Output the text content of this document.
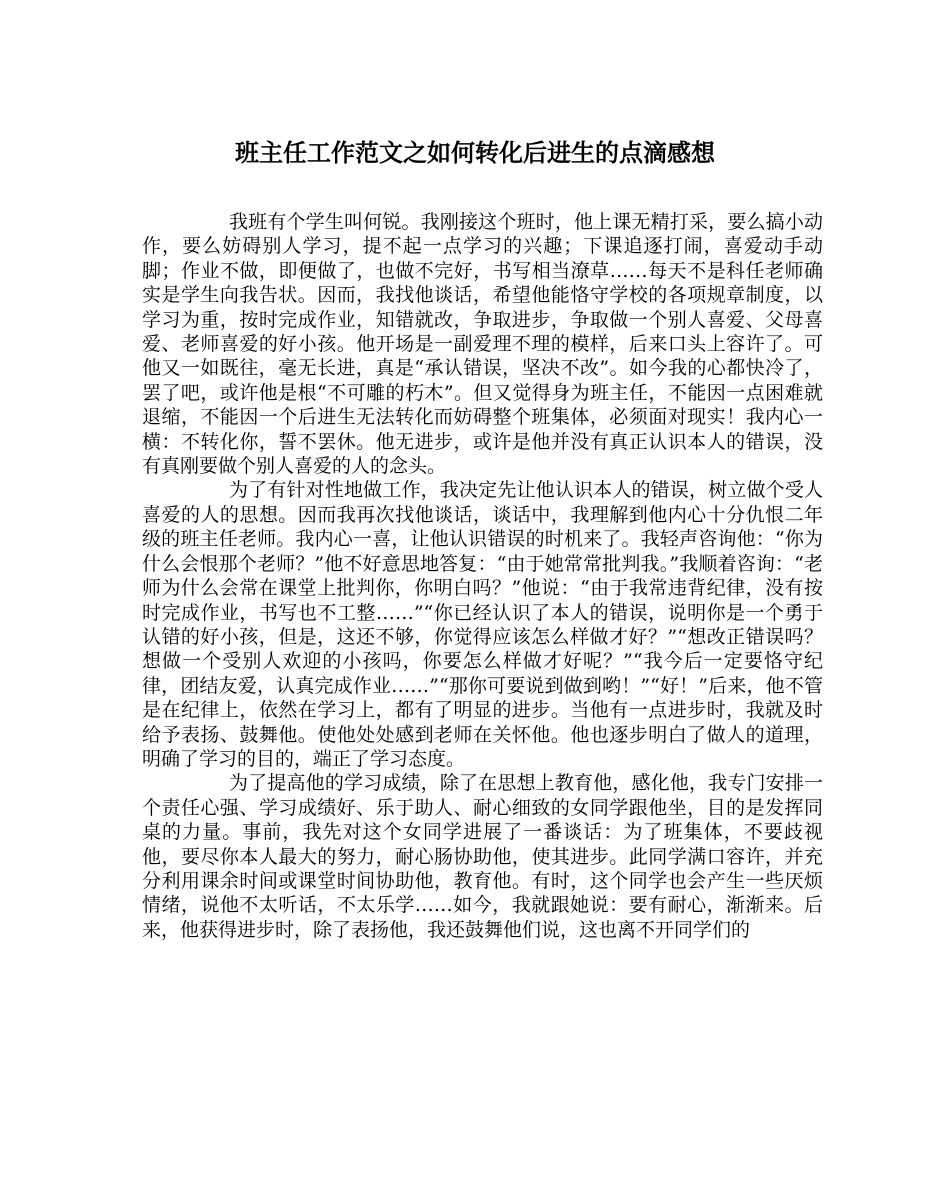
班主任工作范文之如何转化后进生的点滴感想

我班有个学生叫何锐。我刚接这个班时，他上课无精打采，要么搞小动作，要么妨碍别人学习，提不起一点学习的兴趣；下课追逐打闹，喜爱动手动脚；作业不做，即便做了，也做不完好，书写相当潦草……每天不是科任老师确实是学生向我告状。因而，我找他谈话，希望他能恪守学校的各项规章制度，以学习为重，按时完成作业，知错就改，争取进步，争取做一个别人喜爱、父母喜爱、老师喜爱的好小孩。他开场是一副爱理不理的模样，后来口头上容许了。可他又一如既往，毫无长进，真是“承认错误，坚决不改”。如今我的心都快冷了，罢了吧，或许他是根“不可雕的朽木”。但又觉得身为班主任，不能因一点困难就退缩，不能因一个后进生无法转化而妨碍整个班集体，必须面对现实！我内心一横：不转化你，誓不罢休。他无进步，或许是他并没有真正认识本人的错误，没有真刚要做个别人喜爱的人的念头。

为了有针对性地做工作，我决定先让他认识本人的错误，树立做个受人喜爱的人的思想。因而我再次找他谈话，谈话中，我理解到他内心十分仇恨二年级的班主任老师。我内心一喜，让他认识错误的时机来了。我轻声咨询他：“你为什么会恨那个老师？”他不好意思地答复：“由于她常常批判我。”我顺着咨询：“老师为什么会常在课堂上批判你，你明白吗？”他说：“由于我常违背纪律，没有按时完成作业，书写也不工整……”“你已经认识了本人的错误，说明你是一个勇于认错的好小孩，但是，这还不够，你觉得应该怎么样做才好？”“想改正错误吗？想做一个受别人欢迎的小孩吗，你要怎么样做才好呢？”“我今后一定要恪守纪律，团结友爱，认真完成作业……”“那你可要说到做到哟！”“好！”后来，他不管是在纪律上，依然在学习上，都有了明显的进步。当他有一点进步时，我就及时给予表扬、鼓舞他。使他处处感到老师在关怀他。他也逐步明白了做人的道理，明确了学习的目的，端正了学习态度。

为了提高他的学习成绩，除了在思想上教育他，感化他，我专门安排一个责任心强、学习成绩好、乐于助人、耐心细致的女同学跟他坐，目的是发挥同桌的力量。事前，我先对这个女同学进展了一番谈话：为了班集体，不要歧视他，要尽你本人最大的努力，耐心肠协助他，使其进步。此同学满口容许，并充分利用课余时间或课堂时间协助他，教育他。有时，这个同学也会产生一些厌烦情绪，说他不太听话，不太乐学……如今，我就跟她说：要有耐心，渐渐来。后来，他获得进步时，除了表扬他，我还鼓舞他们说，这也离不开同学们的
